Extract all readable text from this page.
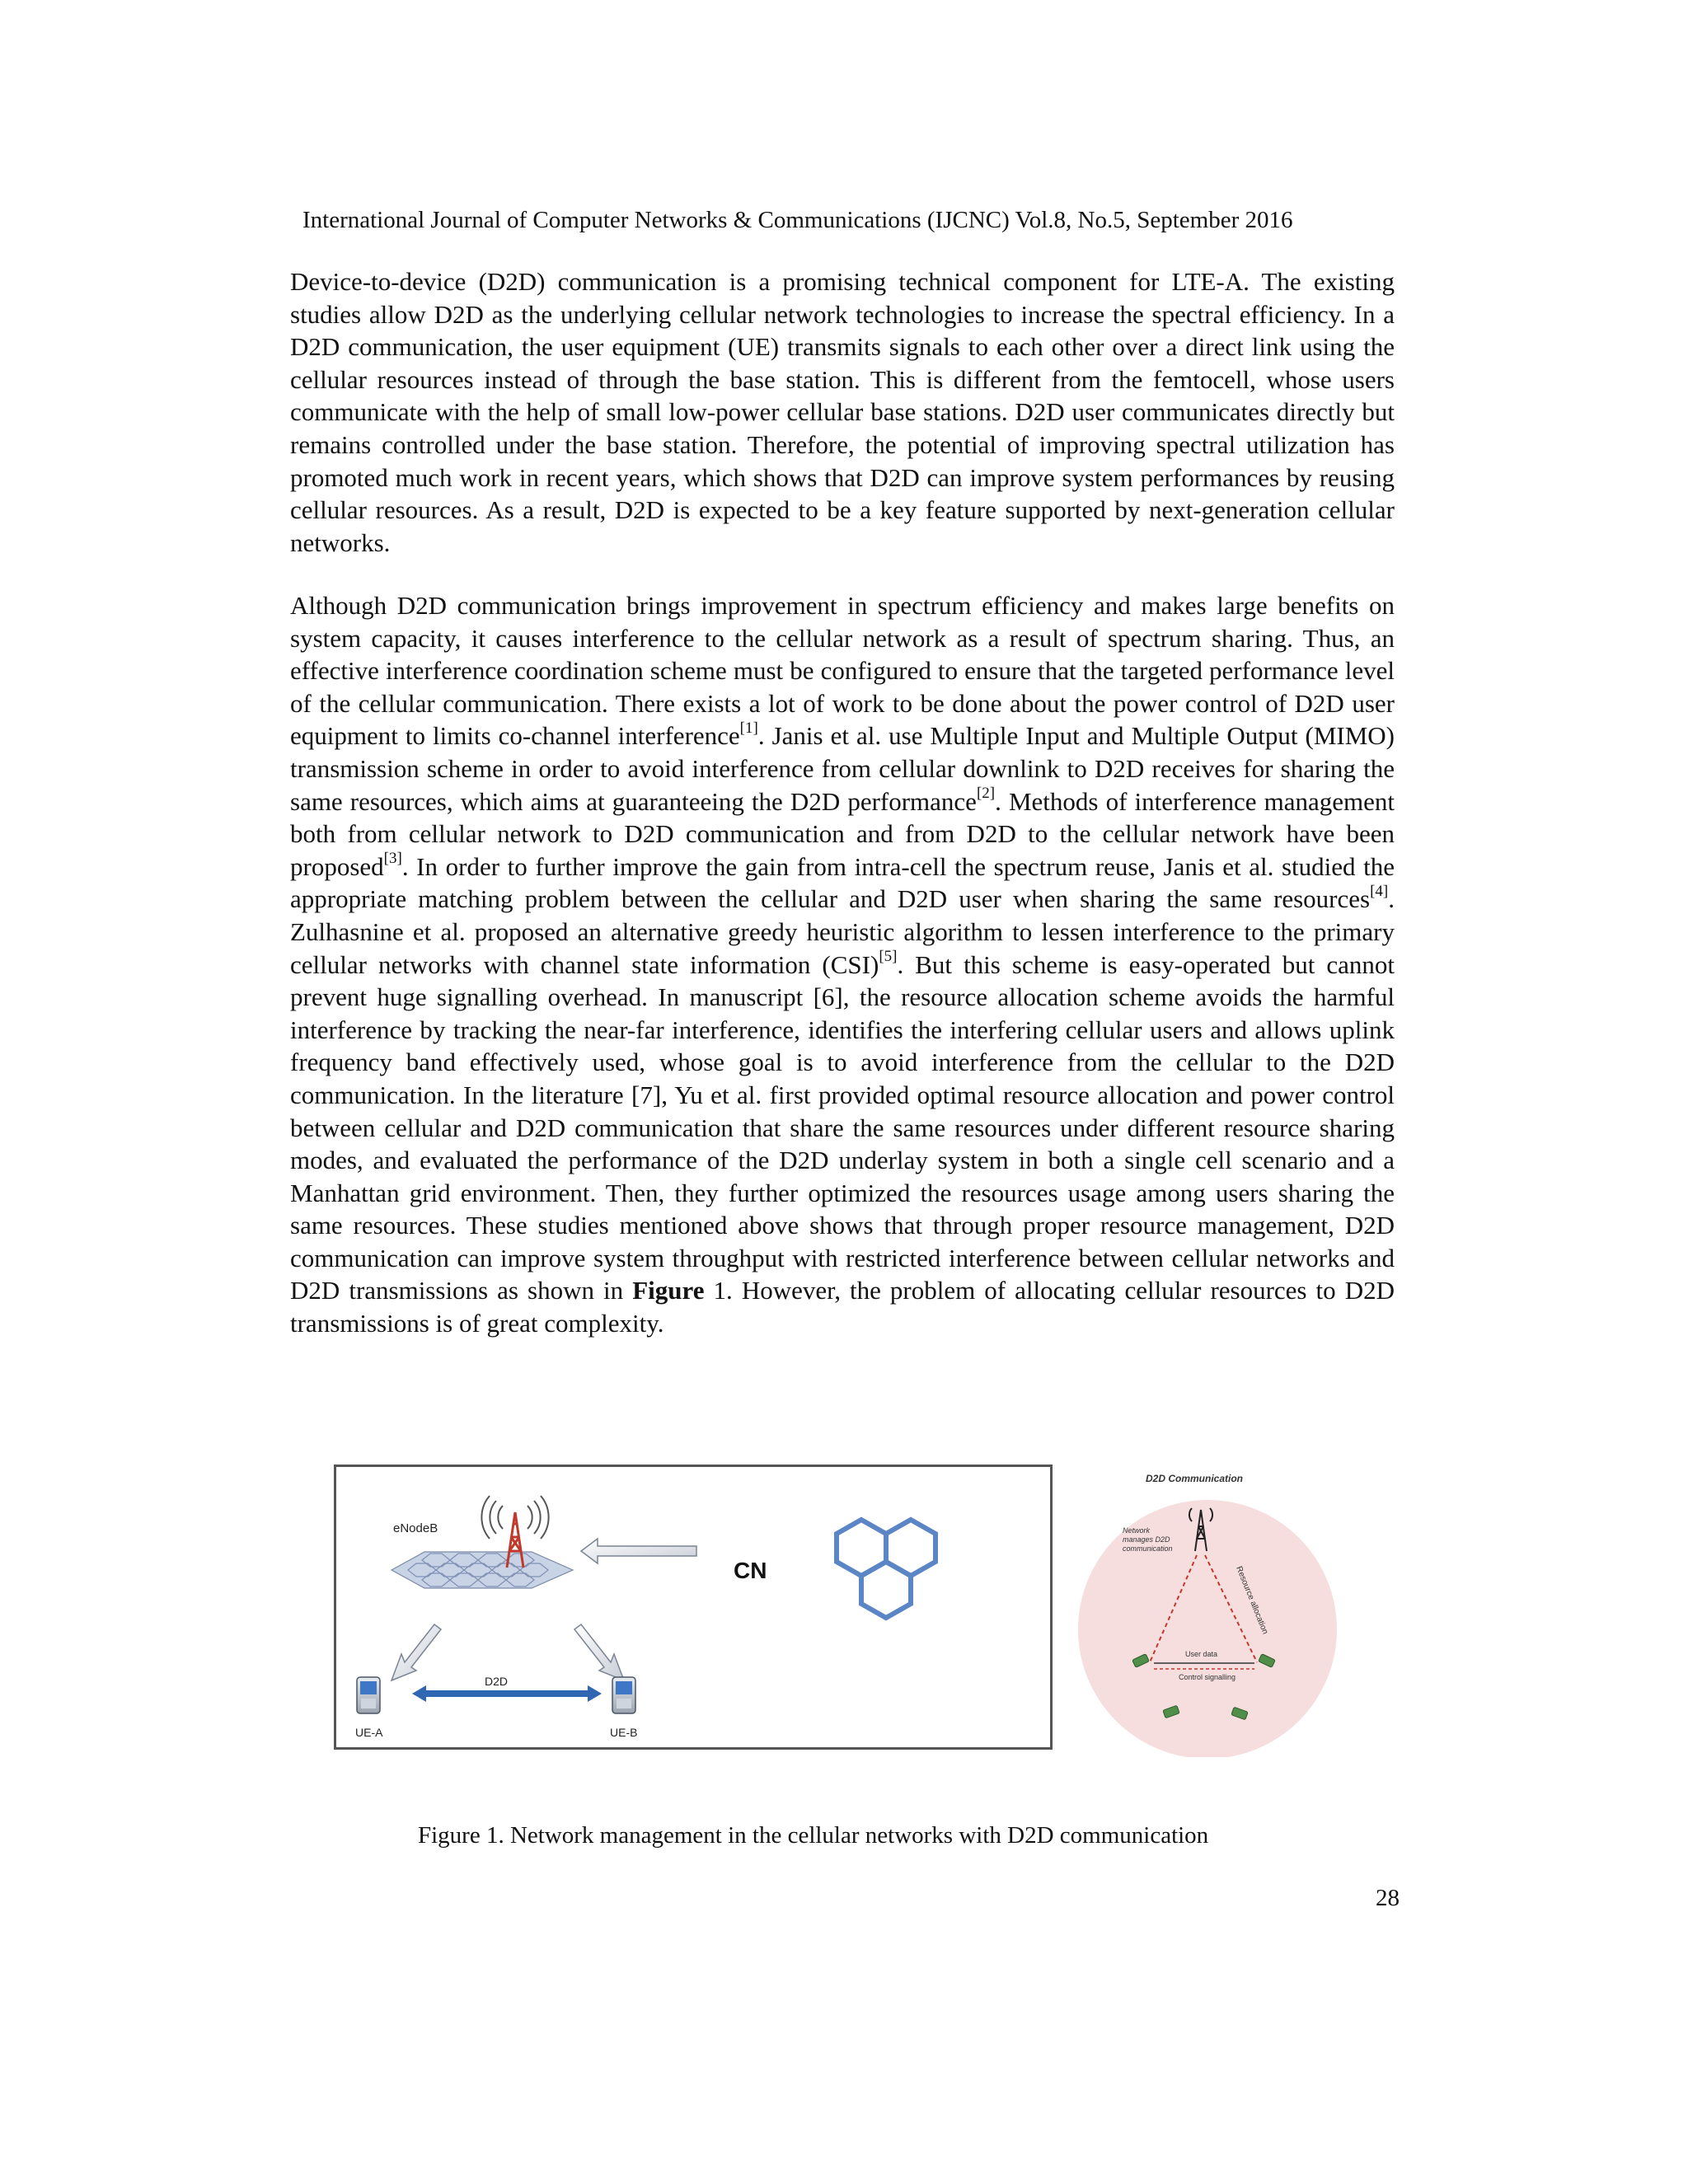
International Journal of Computer Networks & Communications (IJCNC) Vol.8, No.5, September 2016

Device-to-device (D2D) communication is a promising technical component for LTE-A. The existing studies allow D2D as the underlying cellular network technologies to increase the spectral efficiency. In a D2D communication, the user equipment (UE) transmits signals to each other over a direct link using the cellular resources instead of through the base station. This is different from the femtocell, whose users communicate with the help of small low-power cellular base stations. D2D user communicates directly but remains controlled under the base station. Therefore, the potential of improving spectral utilization has promoted much work in recent years, which shows that D2D can improve system performances by reusing cellular resources. As a result, D2D is expected to be a key feature supported by next-generation cellular networks.

Although D2D communication brings improvement in spectrum efficiency and makes large benefits on system capacity, it causes interference to the cellular network as a result of spectrum sharing. Thus, an effective interference coordination scheme must be configured to ensure that the targeted performance level of the cellular communication. There exists a lot of work to be done about the power control of D2D user equipment to limits co-channel interference[1]. Janis et al. use Multiple Input and Multiple Output (MIMO) transmission scheme in order to avoid interference from cellular downlink to D2D receives for sharing the same resources, which aims at guaranteeing the D2D performance[2]. Methods of interference management both from cellular network to D2D communication and from D2D to the cellular network have been proposed[3]. In order to further improve the gain from intra-cell the spectrum reuse, Janis et al. studied the appropriate matching problem between the cellular and D2D user when sharing the same resources[4]. Zulhasnine et al. proposed an alternative greedy heuristic algorithm to lessen interference to the primary cellular networks with channel state information (CSI)[5]. But this scheme is easy-operated but cannot prevent huge signalling overhead. In manuscript [6], the resource allocation scheme avoids the harmful interference by tracking the near-far interference, identifies the interfering cellular users and allows uplink frequency band effectively used, whose goal is to avoid interference from the cellular to the D2D communication. In the literature [7], Yu et al. first provided optimal resource allocation and power control between cellular and D2D communication that share the same resources under different resource sharing modes, and evaluated the performance of the D2D underlay system in both a single cell scenario and a Manhattan grid environment. Then, they further optimized the resources usage among users sharing the same resources. These studies mentioned above shows that through proper resource management, D2D communication can improve system throughput with restricted interference between cellular networks and D2D transmissions as shown in Figure 1. However, the problem of allocating cellular resources to D2D transmissions is of great complexity.

eNodeB
CN
UE-A	UE-B
D2D
D2D Communication
Network
manages D2D
communication
Resource allocation
User data
Control signalling
Figure 1. Network management in the cellular networks with D2D communication
28
